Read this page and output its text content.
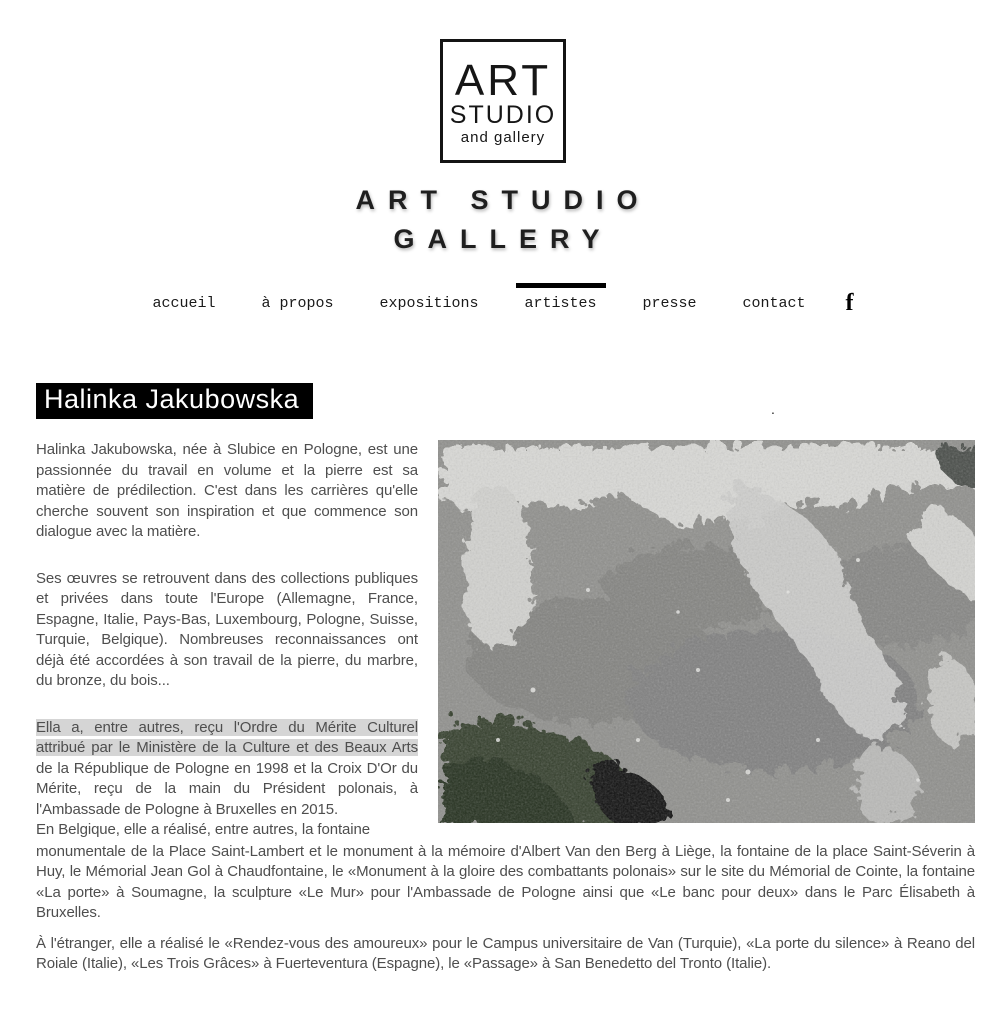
ART
STUDIO
and gallery
ART STUDIO
GALLERY
accueil	à propos	expositions	artistes	presse	contact f
Halinka Jakubowska	.

Halinka Jakubowska, née à Slubice en Pologne, est une passionnée du travail en volume et la pierre est sa matière de prédilection. C'est dans les carrières qu'elle cherche souvent son inspiration et que commence son dialogue avec la matière.

Ses œuvres se retrouvent dans des collections publiques et privées dans toute l'Europe (Allemagne, France, Espagne, Italie, Pays-Bas, Luxembourg, Pologne, Suisse, Turquie, Belgique). Nombreuses reconnaissances ont déjà été accordées à son travail de la pierre, du marbre, du bronze, du bois...

Ella a, entre autres, reçu l'Ordre du Mérite Culturel attribué par le Ministère de la Culture et des Beaux Arts de la République de Pologne en 1998 et la Croix D'Or du Mérite, reçu de la main du Président polonais, à l'Ambassade de Pologne à Bruxelles en 2015.

En Belgique, elle a réalisé, entre autres, la fontaine

monumentale de la Place Saint-Lambert et le monument à la mémoire d'Albert Van den Berg à Liège, la fontaine de la place Saint-Séverin à Huy, le Mémorial Jean Gol à Chaudfontaine, le «Monument à la gloire des combattants polonais» sur le site du Mémorial de Cointe, la fontaine «La porte» à Soumagne, la sculpture «Le Mur» pour l'Ambassade de Pologne ainsi que «Le banc pour deux» dans le Parc Élisabeth à Bruxelles.

À l'étranger, elle a réalisé le «Rendez-vous des amoureux» pour le Campus universitaire de Van (Turquie), «La porte du silence» à Reano del Roiale (Italie), «Les Trois Grâces» à Fuerteventura (Espagne), le «Passage» à San Benedetto del Tronto (Italie).
